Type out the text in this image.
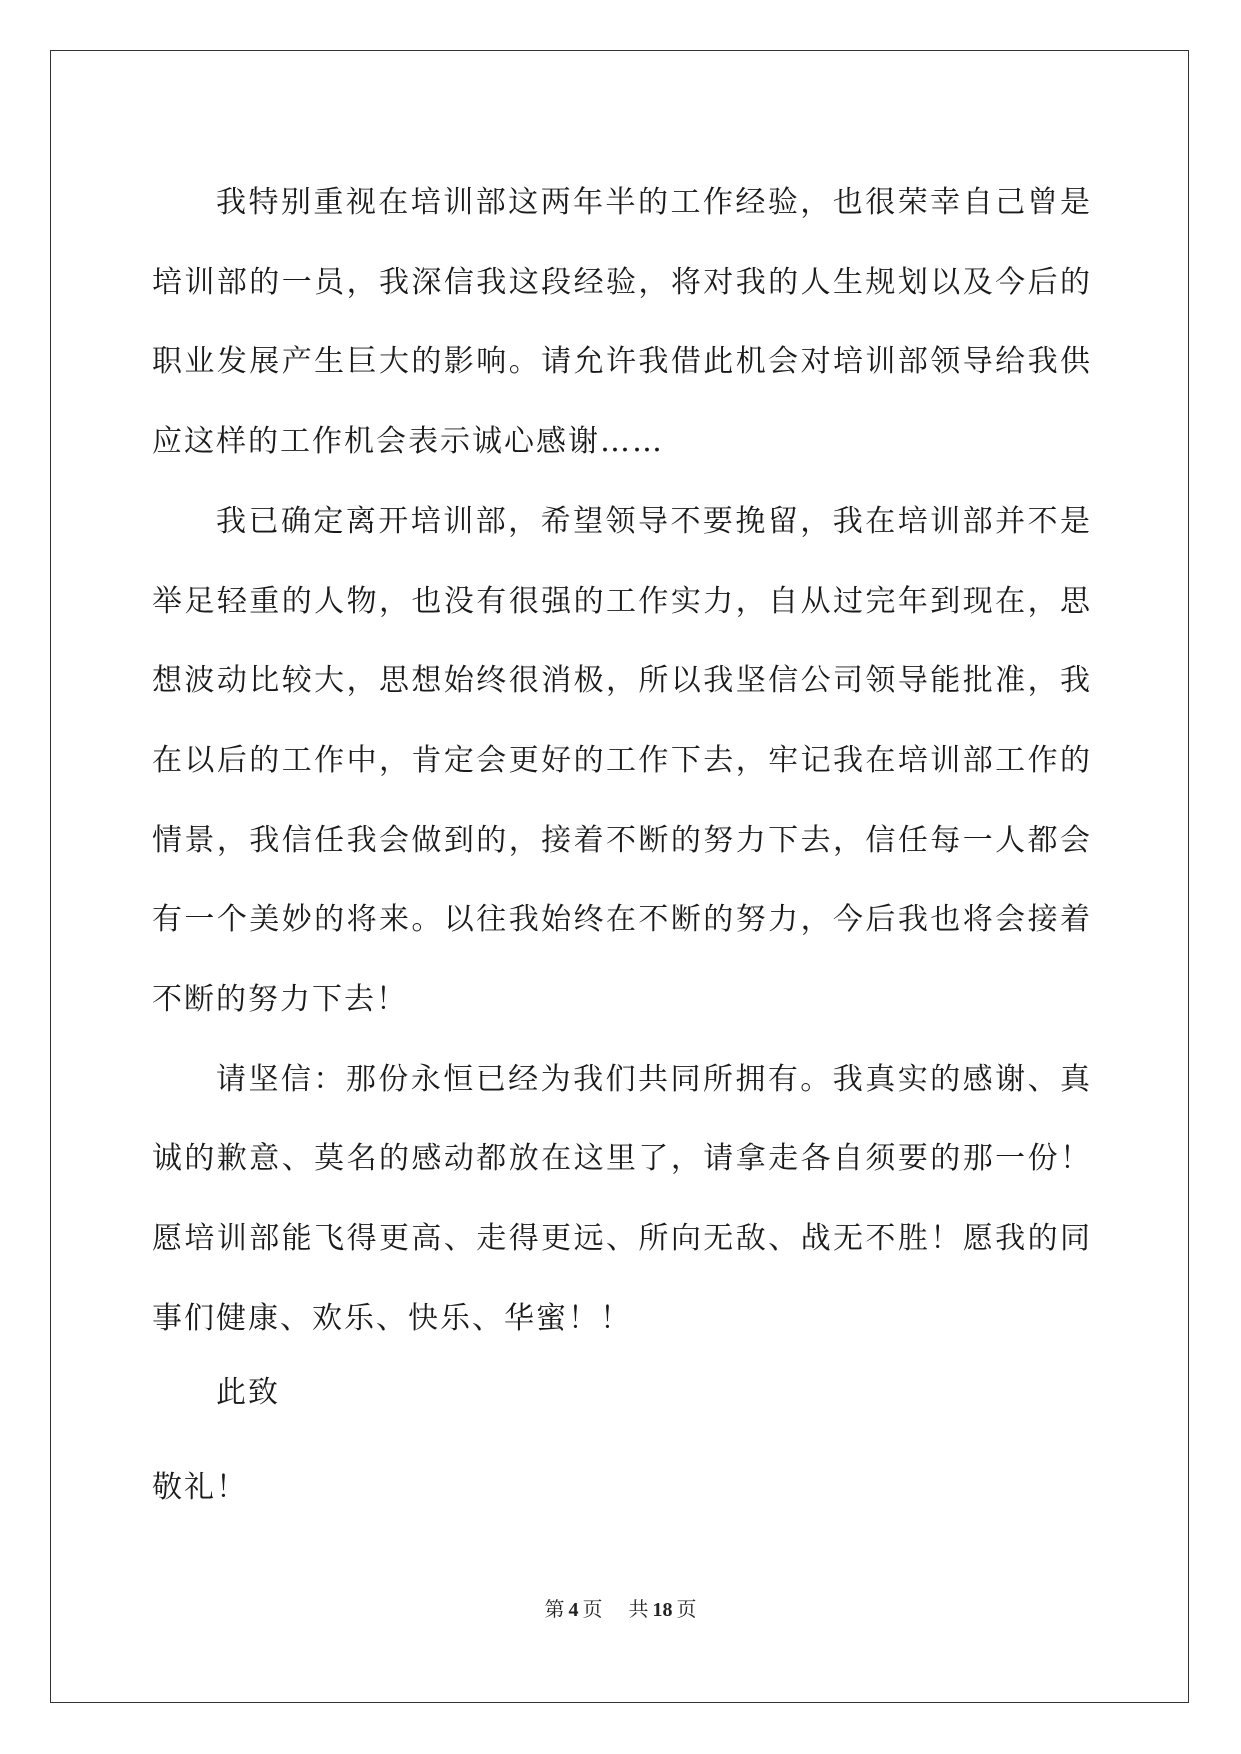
我特别重视在培训部这两年半的工作经验，也很荣幸自己曾是培训部的一员，我深信我这段经验，将对我的人生规划以及今后的职业发展产生巨大的影响。请允许我借此机会对培训部领导给我供应这样的工作机会表示诚心感谢……

我已确定离开培训部，希望领导不要挽留，我在培训部并不是举足轻重的人物，也没有很强的工作实力，自从过完年到现在，思想波动比较大，思想始终很消极，所以我坚信公司领导能批准，我在以后的工作中，肯定会更好的工作下去，牢记我在培训部工作的情景，我信任我会做到的，接着不断的努力下去，信任每一人都会有一个美妙的将来。以往我始终在不断的努力，今后我也将会接着不断的努力下去！

请坚信：那份永恒已经为我们共同所拥有。我真实的感谢、真诚的歉意、莫名的感动都放在这里了，请拿走各自须要的那一份！愿培训部能飞得更高、走得更远、所向无敌、战无不胜！愿我的同事们健康、欢乐、快乐、华蜜！！

此致

敬礼！

第 4 页 共 18 页
